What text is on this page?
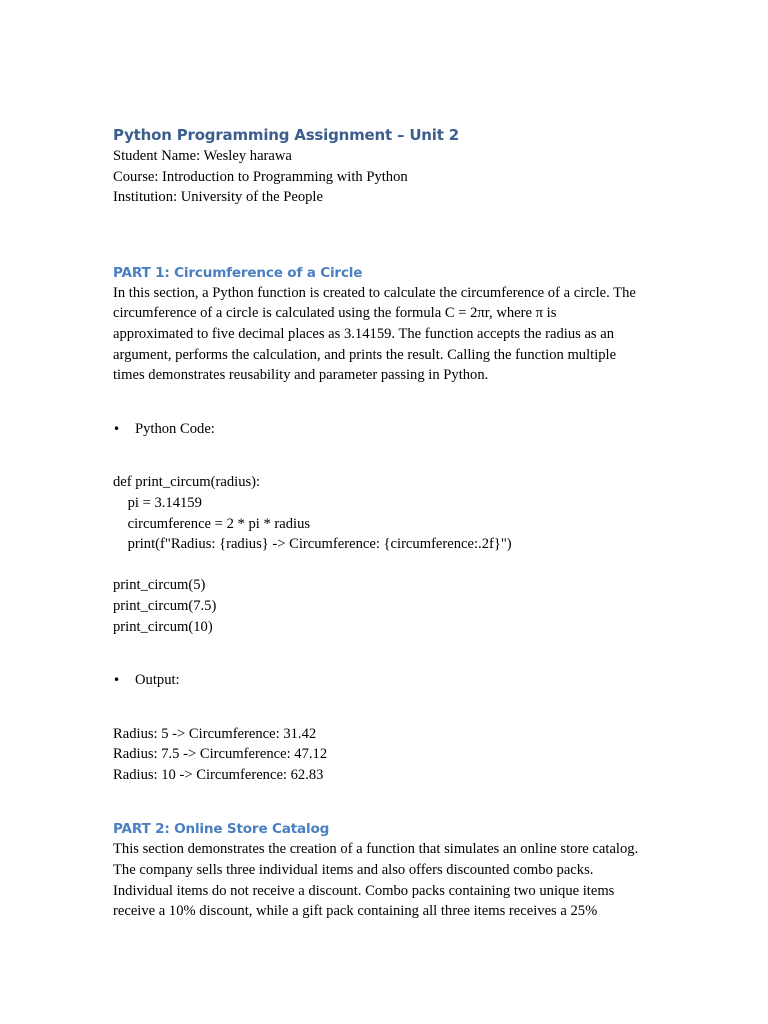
Python Programming Assignment – Unit 2

Student Name: Wesley harawa

Course: Introduction to Programming with Python

Institution: University of the People

PART 1: Circumference of a Circle

In this section, a Python function is created to calculate the circumference of a circle. The

circumference of a circle is calculated using the formula C = 2πr, where π is

approximated to five decimal places as 3.14159. The function accepts the radius as an

argument, performs the calculation, and prints the result. Calling the function multiple

times demonstrates reusability and parameter passing in Python.

• Python Code:

def print_circum(radius):

pi = 3.14159

circumference = 2 * pi * radius

print(f"Radius: {radius} -> Circumference: {circumference:.2f}")

print_circum(5)

print_circum(7.5)

print_circum(10)

• Output:

Radius: 5 -> Circumference: 31.42

Radius: 7.5 -> Circumference: 47.12

Radius: 10 -> Circumference: 62.83

PART 2: Online Store Catalog

This section demonstrates the creation of a function that simulates an online store catalog.

The company sells three individual items and also offers discounted combo packs.

Individual items do not receive a discount. Combo packs containing two unique items

receive a 10% discount, while a gift pack containing all three items receives a 25%
